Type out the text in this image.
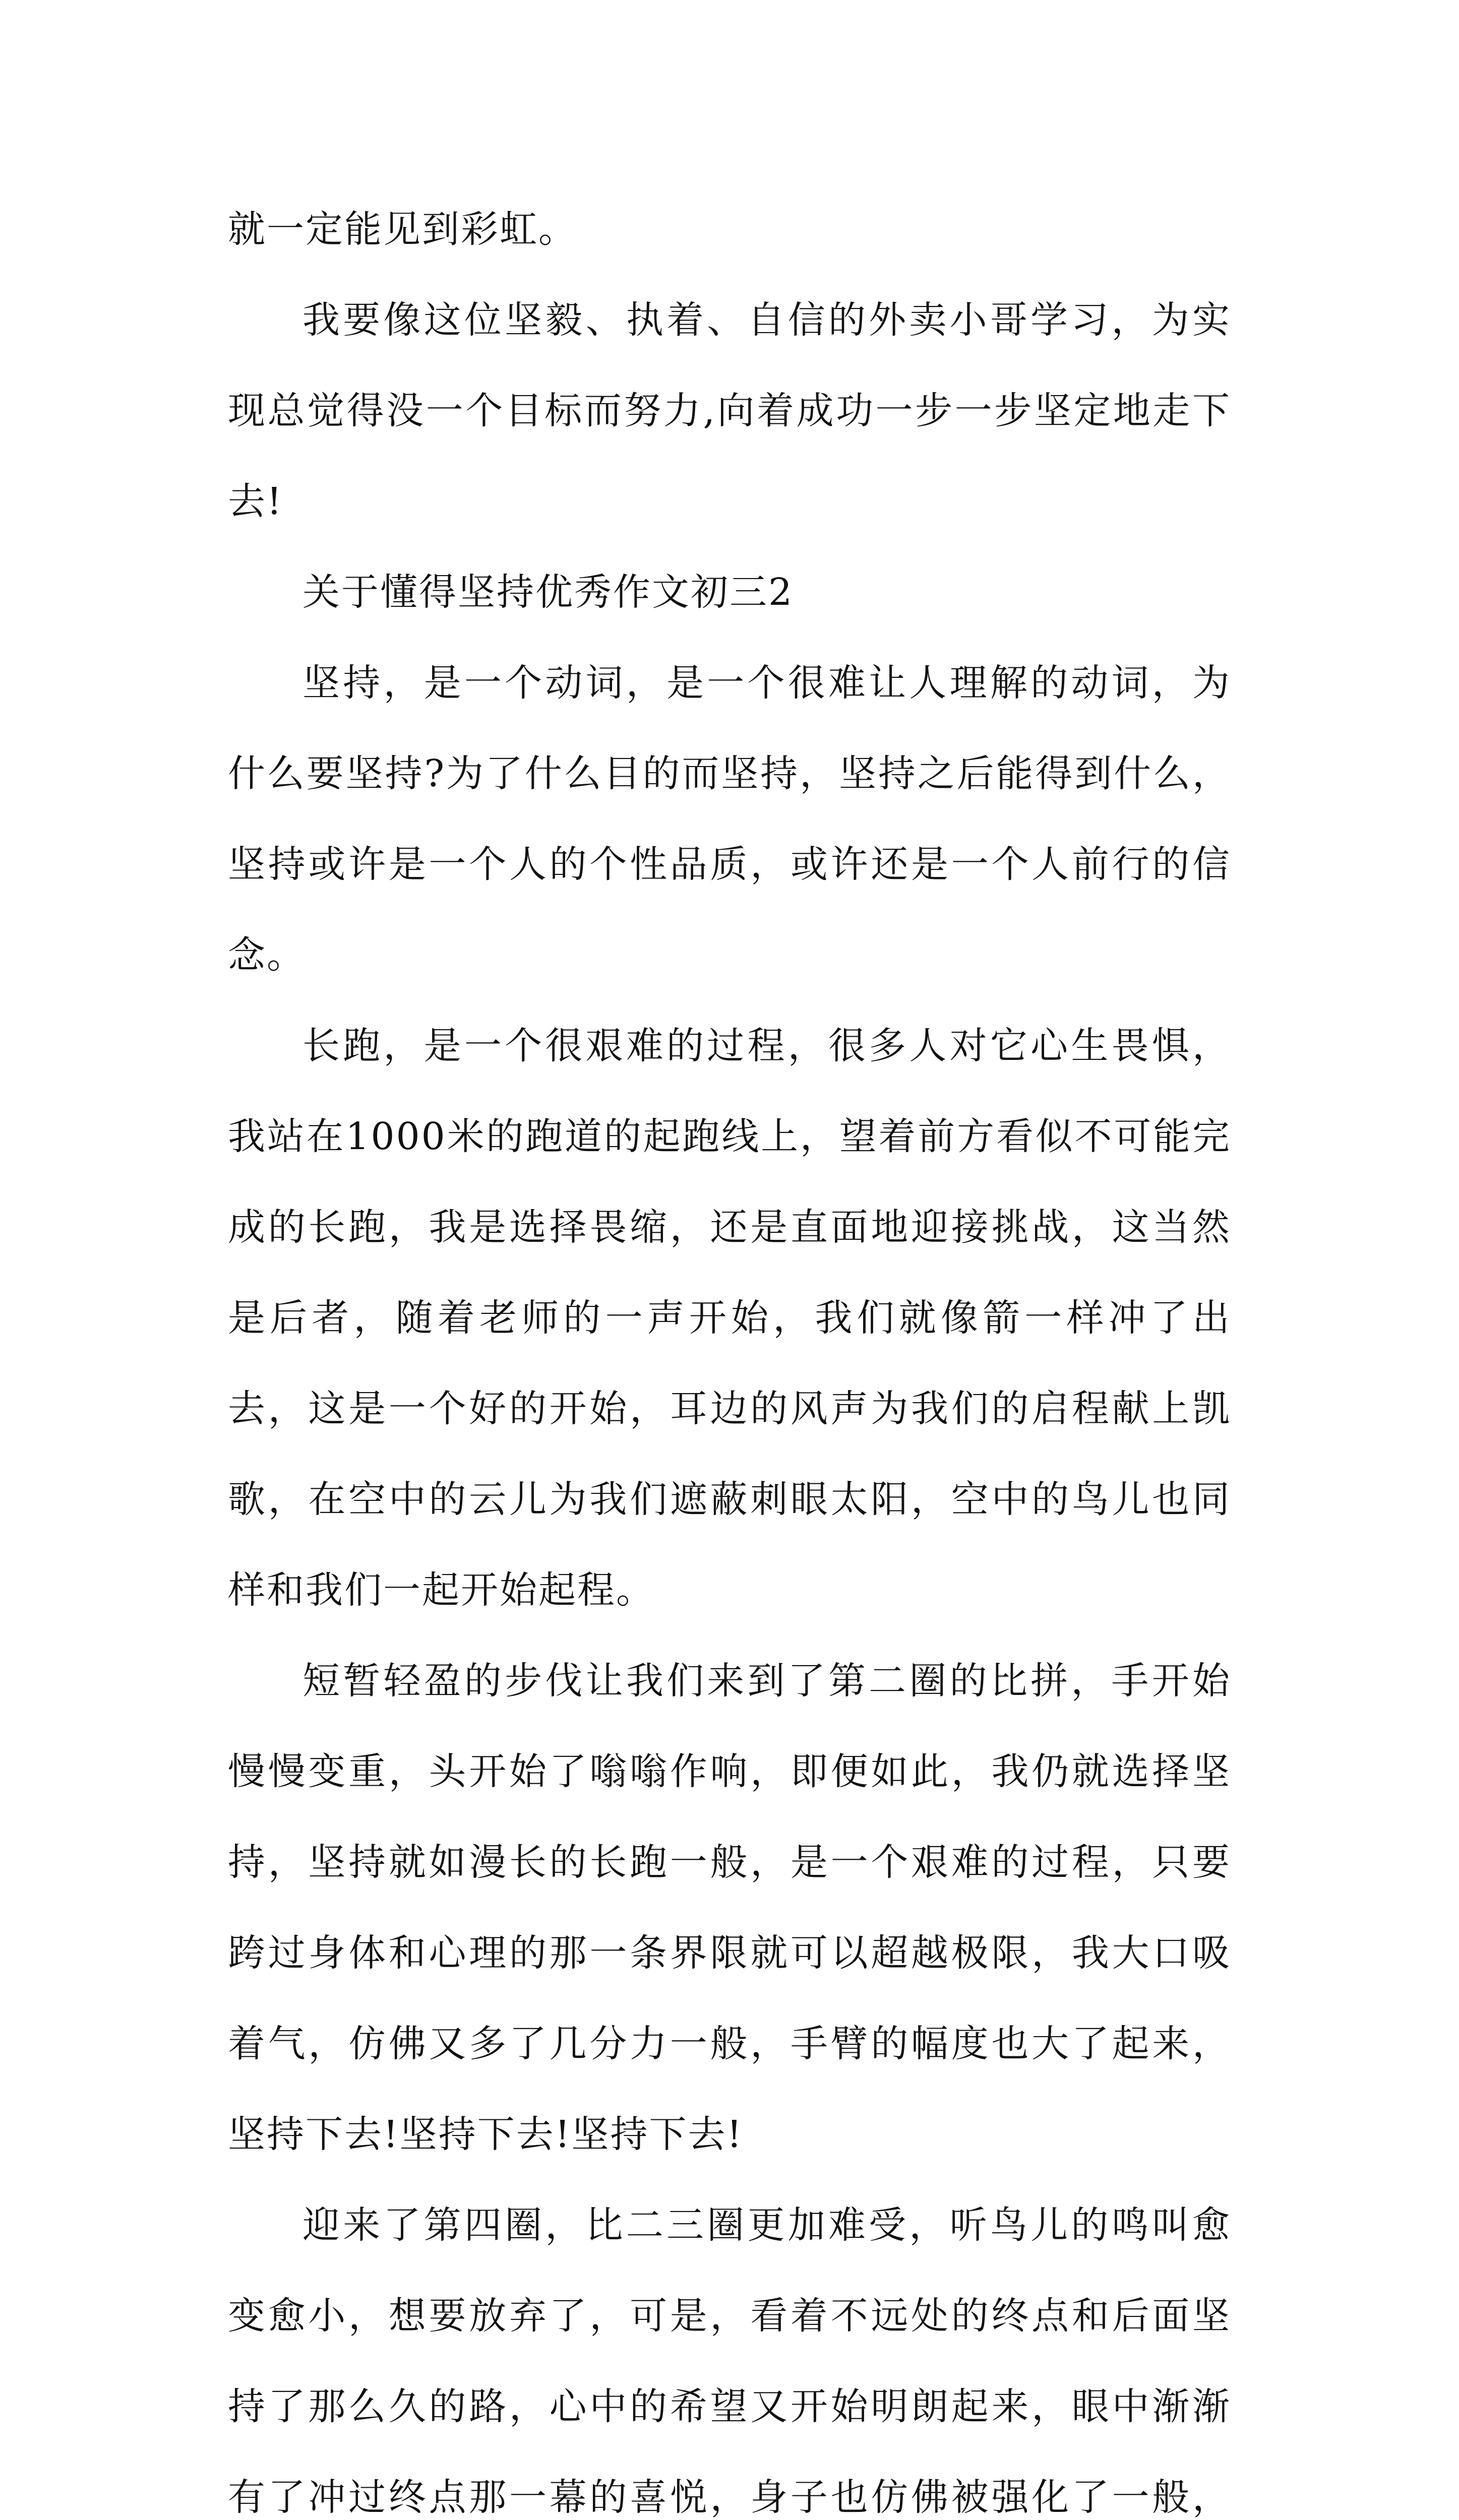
就一定能见到彩虹。

我要像这位坚毅、执着、自信的外卖小哥学习，为实现总觉得没一个目标而努力,向着成功一步一步坚定地走下去!

关于懂得坚持优秀作文初三2

坚持，是一个动词，是一个很难让人理解的动词，为什么要坚持?为了什么目的而坚持，坚持之后能得到什么，坚持或许是一个人的个性品质，或许还是一个人前行的信念。

长跑，是一个很艰难的过程，很多人对它心生畏惧，我站在1000米的跑道的起跑线上，望着前方看似不可能完成的长跑，我是选择畏缩，还是直面地迎接挑战，这当然是后者，随着老师的一声开始，我们就像箭一样冲了出去，这是一个好的开始，耳边的风声为我们的启程献上凯歌，在空中的云儿为我们遮蔽刺眼太阳，空中的鸟儿也同样和我们一起开始起程。

短暂轻盈的步伐让我们来到了第二圈的比拼，手开始慢慢变重，头开始了嗡嗡作响，即便如此，我仍就选择坚持，坚持就如漫长的长跑一般，是一个艰难的过程，只要跨过身体和心理的那一条界限就可以超越极限，我大口吸着气，仿佛又多了几分力一般，手臂的幅度也大了起来，坚持下去!坚持下去!坚持下去!

迎来了第四圈，比二三圈更加难受，听鸟儿的鸣叫愈变愈小，想要放弃了，可是，看着不远处的终点和后面坚持了那么久的路，心中的希望又开始明朗起来，眼中渐渐有了冲过终点那一幕的喜悦，身子也仿佛被强化了一般，
